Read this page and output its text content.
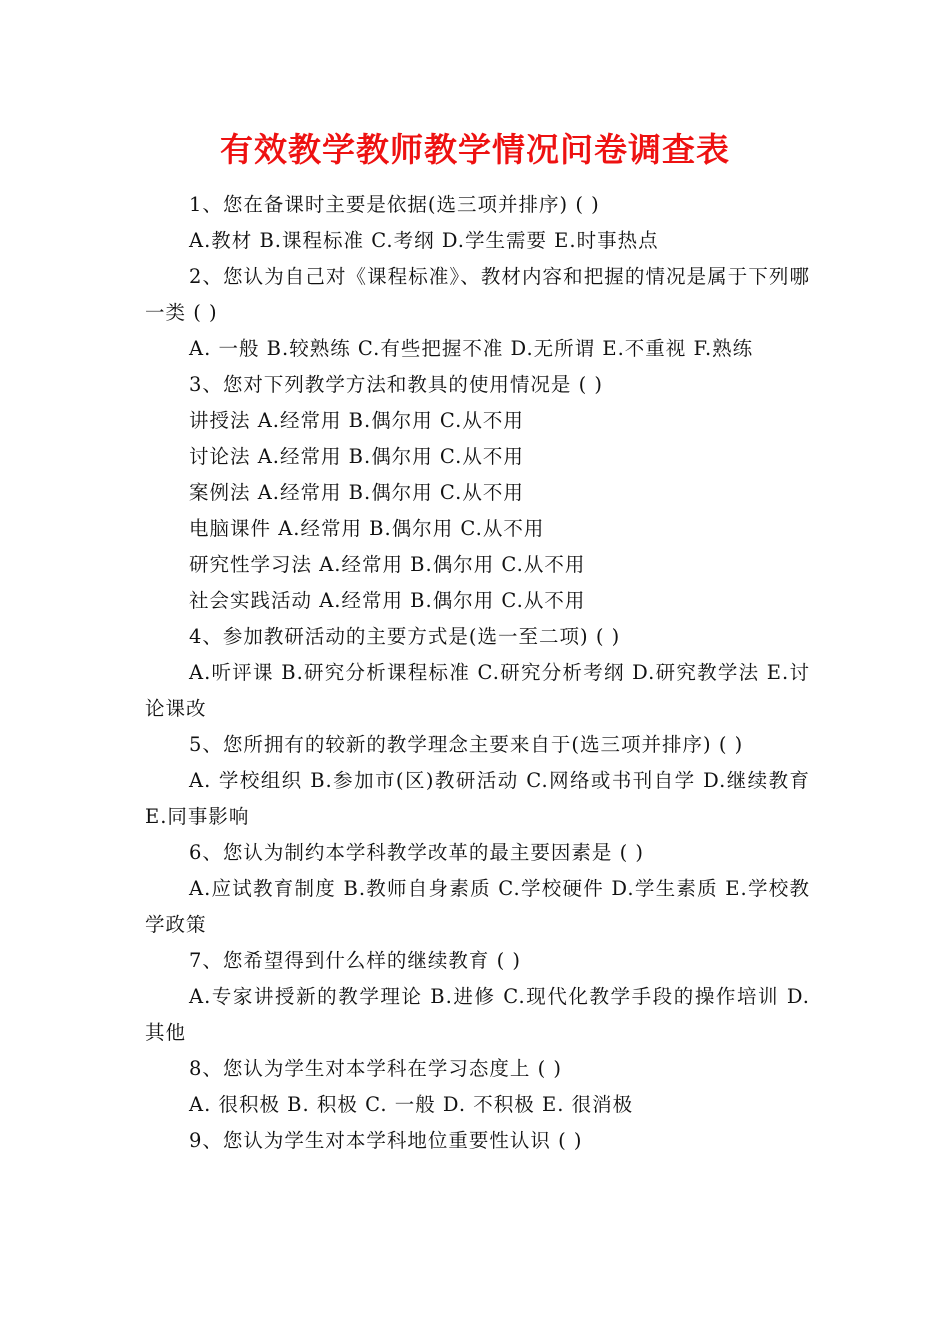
有效教学教师教学情况问卷调查表

1、您在备课时主要是依据(选三项并排序) ( )

A.教材 B.课程标准 C.考纲 D.学生需要 E.时事热点

2、您认为自己对《课程标准》、教材内容和把握的情况是属于下列哪一类 ( )

A. 一般 B.较熟练 C.有些把握不准 D.无所谓 E.不重视 F.熟练

3、您对下列教学方法和教具的使用情况是 ( )

讲授法 A.经常用 B.偶尔用 C.从不用

讨论法 A.经常用 B.偶尔用 C.从不用

案例法 A.经常用 B.偶尔用 C.从不用

电脑课件 A.经常用 B.偶尔用 C.从不用

研究性学习法 A.经常用 B.偶尔用 C.从不用

社会实践活动 A.经常用 B.偶尔用 C.从不用

4、参加教研活动的主要方式是(选一至二项) ( )

A.听评课 B.研究分析课程标准 C.研究分析考纲 D.研究教学法 E.讨论课改

5、您所拥有的较新的教学理念主要来自于(选三项并排序) ( )

A. 学校组织 B.参加市(区)教研活动 C.网络或书刊自学 D.继续教育 E.同事影响

6、您认为制约本学科教学改革的最主要因素是 ( )

A.应试教育制度 B.教师自身素质 C.学校硬件 D.学生素质 E.学校教学政策

7、您希望得到什么样的继续教育 ( )

A.专家讲授新的教学理论 B.进修 C.现代化教学手段的操作培训 D.其他

8、您认为学生对本学科在学习态度上 ( )

A. 很积极 B. 积极 C. 一般 D. 不积极 E. 很消极

9、您认为学生对本学科地位重要性认识 ( )
